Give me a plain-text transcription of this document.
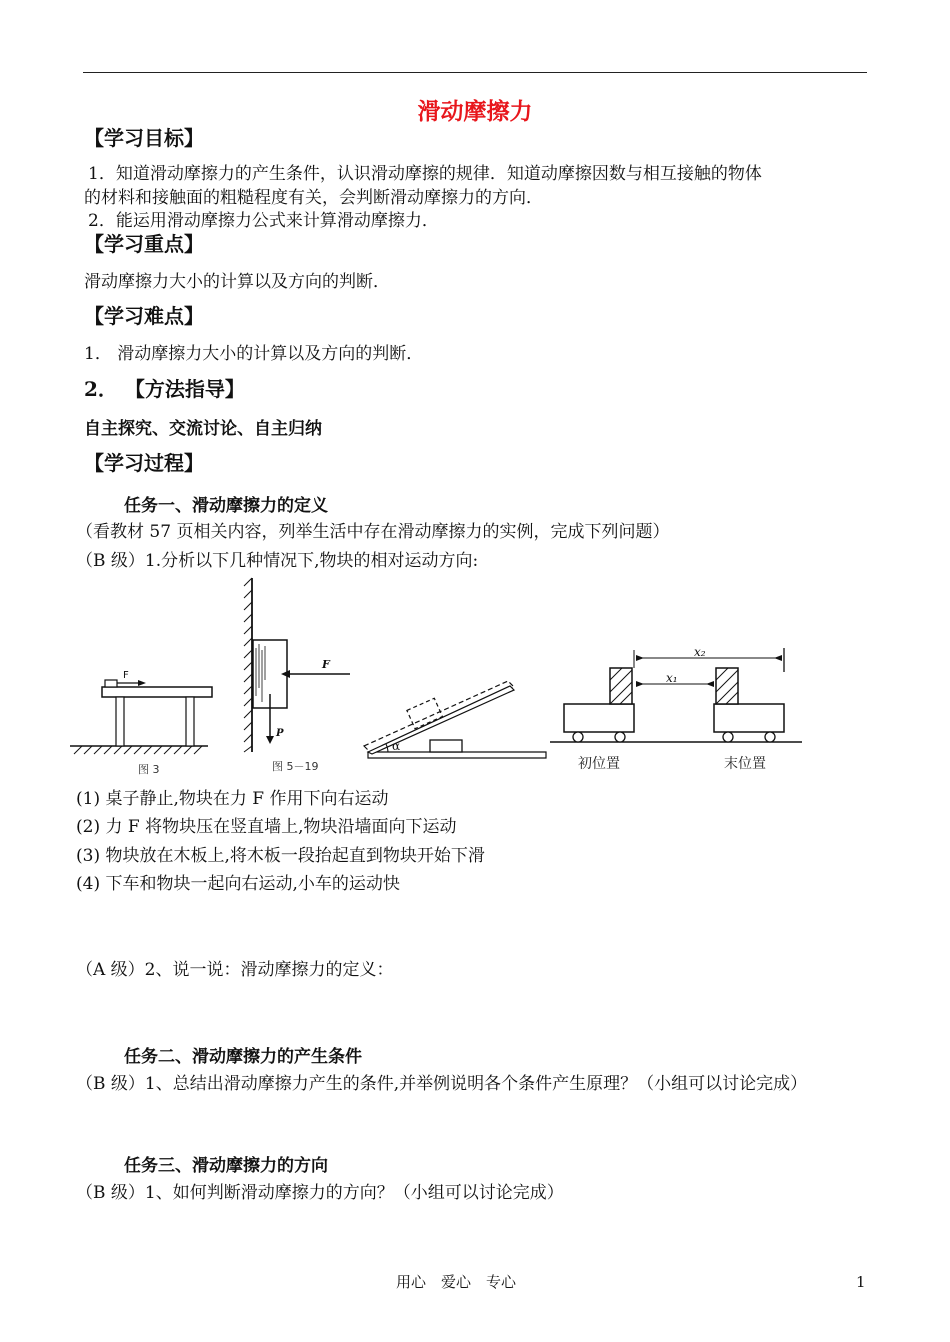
滑动摩擦力
【学习目标】
1．知道滑动摩擦力的产生条件，认识滑动摩擦的规律．知道动摩擦因数与相互接触的物体
的材料和接触面的粗糙程度有关，会判断滑动摩擦力的方向．
2．能运用滑动摩擦力公式来计算滑动摩擦力．
【学习重点】
滑动摩擦力大小的计算以及方向的判断．
【学习难点】
1． 滑动摩擦力大小的计算以及方向的判断．
2． 【方法指导】
自主探究、交流讨论、自主归纳
【学习过程】
任务一、滑动摩擦力的定义
（看教材 57 页相关内容，列举生活中存在滑动摩擦力的实例，完成下列问题）
（B 级）1.分析以下几种情况下,物块的相对运动方向:
F
图 3
F
P
图 5－19
α
x₂
x₁
初位置	末位置
(1) 桌子静止,物块在力 F 作用下向右运动
(2) 力 F 将物块压在竖直墙上,物块沿墙面向下运动
(3) 物块放在木板上,将木板一段抬起直到物块开始下滑
(4) 下车和物块一起向右运动,小车的运动快
（A 级）2、说一说：滑动摩擦力的定义：
任务二、滑动摩擦力的产生条件
（B 级）1、总结出滑动摩擦力产生的条件,并举例说明各个条件产生原理？（小组可以讨论完成）
任务三、滑动摩擦力的方向
（B 级）1、如何判断滑动摩擦力的方向？（小组可以讨论完成）
用心　爱心　专心	1
